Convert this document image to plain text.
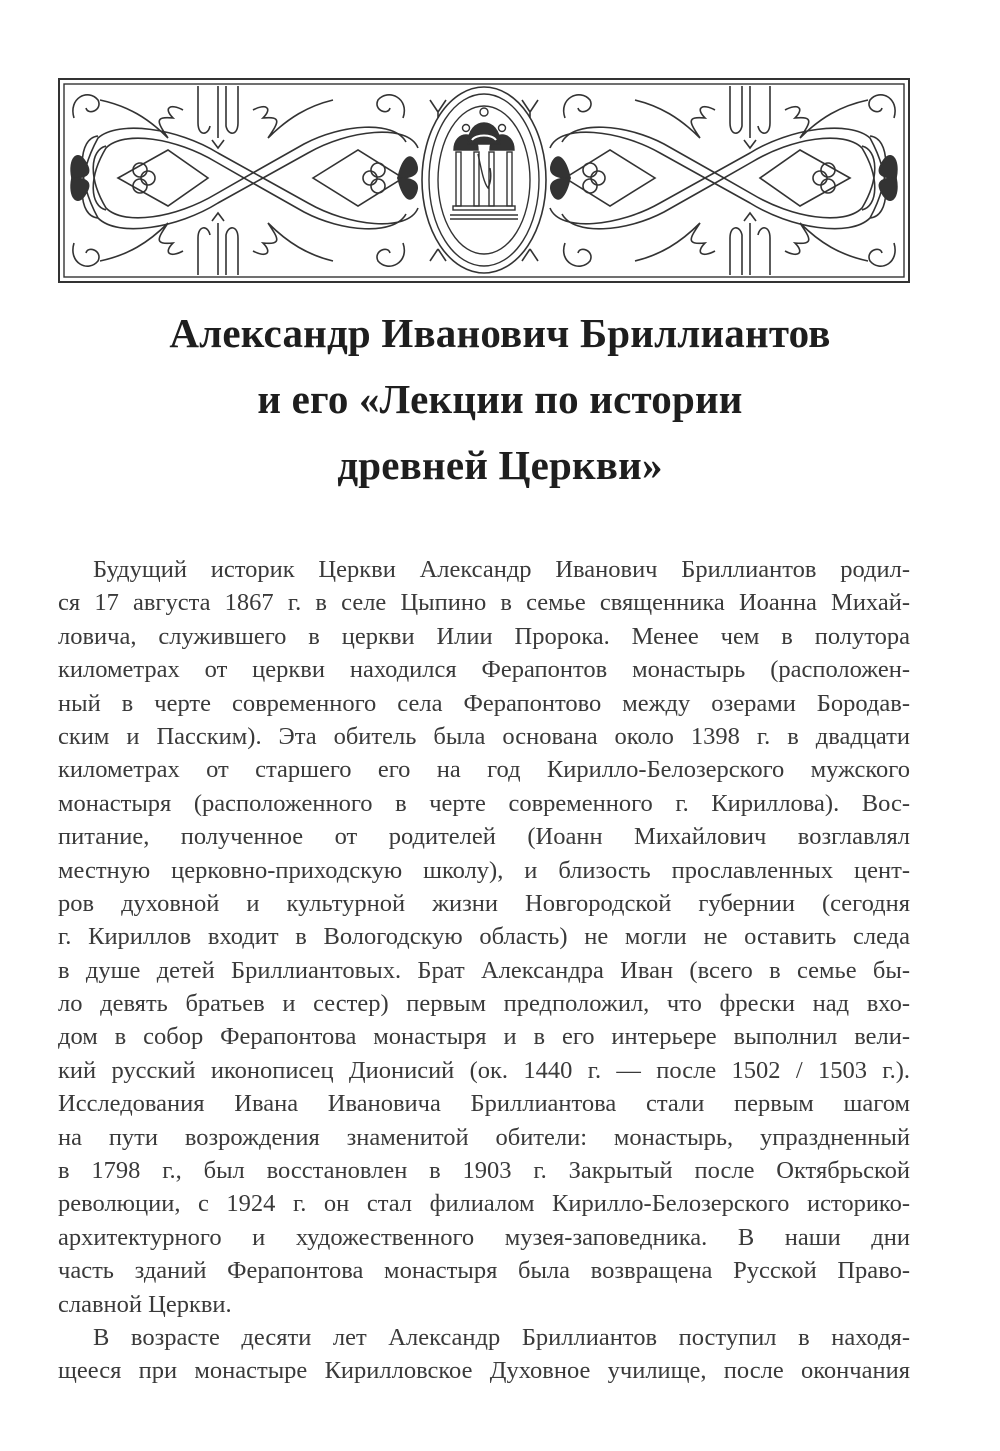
Александр Иванович Бриллиантов
и его «Лекции по истории
древней Церкви»
Будущий историк Церкви Александр Иванович Бриллиантов родил-
ся 17 августа 1867 г. в селе Цыпино в семье священника Иоанна Михай-
ловича, служившего в церкви Илии Пророка. Менее чем в полутора
километрах от церкви находился Ферапонтов монастырь (расположен-
ный в черте современного села Ферапонтово между озерами Бородав-
ским и Пасским). Эта обитель была основана около 1398 г. в двадцати
километрах от старшего его на год Кирилло-Белозерского мужского
монастыря (расположенного в черте современного г. Кириллова). Вос-
питание, полученное от родителей (Иоанн Михайлович возглавлял
местную церковно-приходскую школу), и близость прославленных цент-
ров духовной и культурной жизни Новгородской губернии (сегодня
г. Кириллов входит в Вологодскую область) не могли не оставить следа
в душе детей Бриллиантовых. Брат Александра Иван (всего в семье бы-
ло девять братьев и сестер) первым предположил, что фрески над вхо-
дом в собор Ферапонтова монастыря и в его интерьере выполнил вели-
кий русский иконописец Дионисий (ок. 1440 г. — после 1502 / 1503 г.).
Исследования Ивана Ивановича Бриллиантова стали первым шагом
на пути возрождения знаменитой обители: монастырь, упраздненный
в 1798 г., был восстановлен в 1903 г. Закрытый после Октябрьской
революции, с 1924 г. он стал филиалом Кирилло-Белозерского историко-
архитектурного и художественного музея-заповедника. В наши дни
часть зданий Ферапонтова монастыря была возвращена Русской Право-
славной Церкви.
В возрасте десяти лет Александр Бриллиантов поступил в находя-
щееся при монастыре Кирилловское Духовное училище, после окончания
